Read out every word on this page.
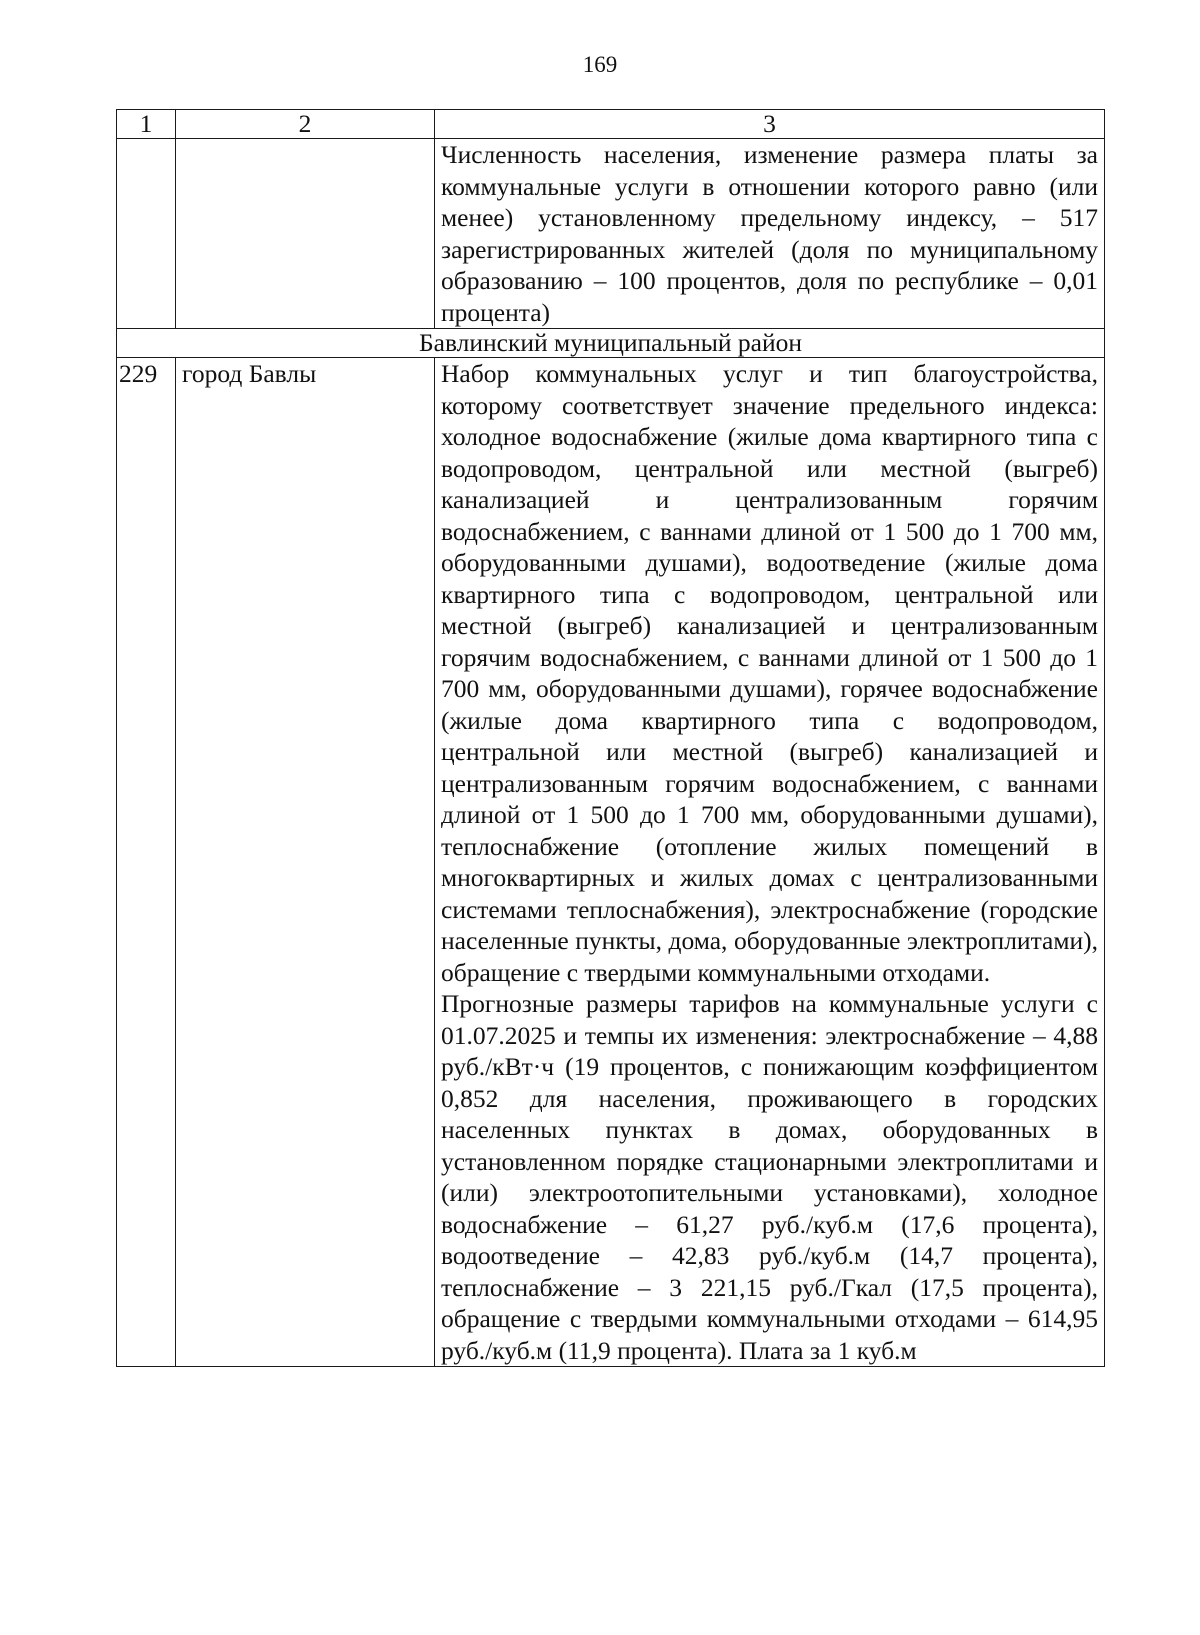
169
1	2	3

		Численность населения, изменение размера платы за коммунальные услуги в отношении которого равно (или менее) установленному предельному индексу, – 517 зарегистрированных жителей (доля по муниципальному образованию – 100 процентов, доля по республике – 0,01 процента)

Бавлинский муниципальный район		
229	город Бавлы	Набор коммунальных услуг и тип благоустройства, которому соответствует значение предельного индекса: холодное водоснабжение (жилые дома квартирного типа с водопроводом, центральной или местной (выгреб) канализацией и централизованным горячим водоснабжением, с ваннами длиной от 1 500 до 1 700 мм, оборудованными душами), водоотведение (жилые дома квартирного типа с водопроводом, центральной или местной (выгреб) канализацией и централизованным горячим водоснабжением, с ваннами длиной от 1 500 до 1 700 мм, оборудованными душами), горячее водоснабжение (жилые дома квартирного типа с водопроводом, центральной или местной (выгреб) канализацией и централизованным горячим водоснабжением, с ваннами длиной от 1 500 до 1 700 мм, оборудованными душами), теплоснабжение (отопление жилых помещений в многоквартирных и жилых домах с централизованными системами теплоснабжения), электроснабжение (городские населенные пункты, дома, оборудованные электроплитами), обращение с твердыми коммунальными отходами.

Прогнозные размеры тарифов на коммунальные услуги с 01.07.2025 и темпы их изменения: электроснабжение – 4,88 руб./кВт·ч (19 процентов, с понижающим коэффициентом 0,852 для населения, проживающего в городских населенных пунктах в домах, оборудованных в установленном порядке стационарными электроплитами и (или) электроотопительными установками), холодное водоснабжение – 61,27 руб./куб.м (17,6 процента), водоотведение – 42,83 руб./куб.м (14,7 процента), теплоснабжение – 3 221,15 руб./Гкал (17,5 процента), обращение с твердыми коммунальными отходами – 614,95 руб./куб.м (11,9 процента). Плата за 1 куб.м
